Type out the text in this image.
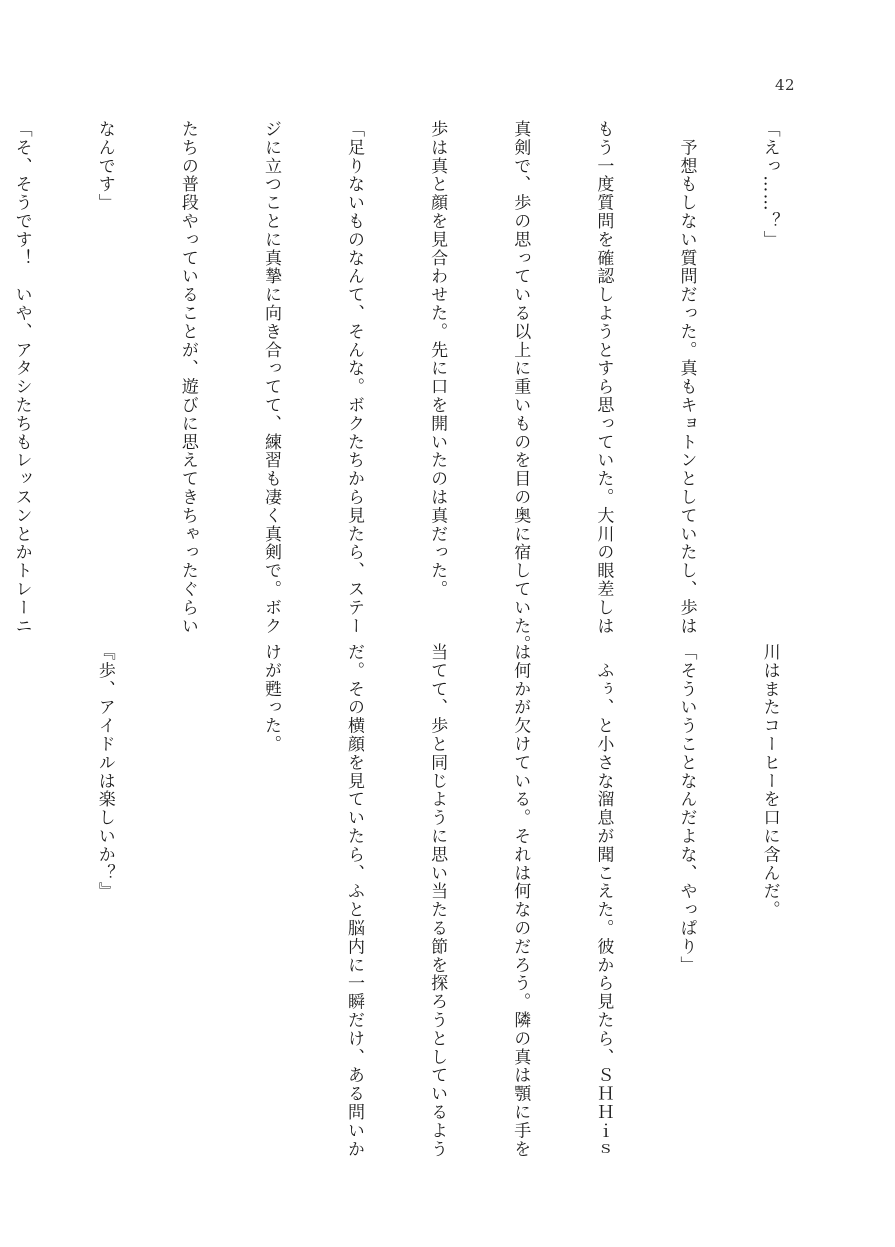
42

「えっ……？」

　予想もしない質問だった。真もキョトンとしていたし、歩は

もう一度質問を確認しようとすら思っていた。大川の眼差しは

真剣で、歩の思っている以上に重いものを目の奥に宿していた。

歩は真と顔を見合わせた。先に口を開いたのは真だった。

「足りないものなんて、そんな。ボクたちから見たら、ステー

ジに立つことに真摯に向き合ってて、練習も凄く真剣で。ボク

たちの普段やっていることが、遊びに思えてきちゃったぐらい

なんです」

「そ、そうです！　いや、アタシたちもレッスンとかトレーニ

川はまたコーヒーを口に含んだ。

「そういうことなんだよな、やっぱり」

　ふぅ、と小さな溜息が聞こえた。彼から見たら、ＳＨＨｉｓ

は何かが欠けている。それは何なのだろう。隣の真は顎に手を

当てて、歩と同じように思い当たる節を探ろうとしているよう

だ。その横顔を見ていたら、ふと脳内に一瞬だけ、ある問いか

けが甦った。

『歩、アイドルは楽しいか？』
